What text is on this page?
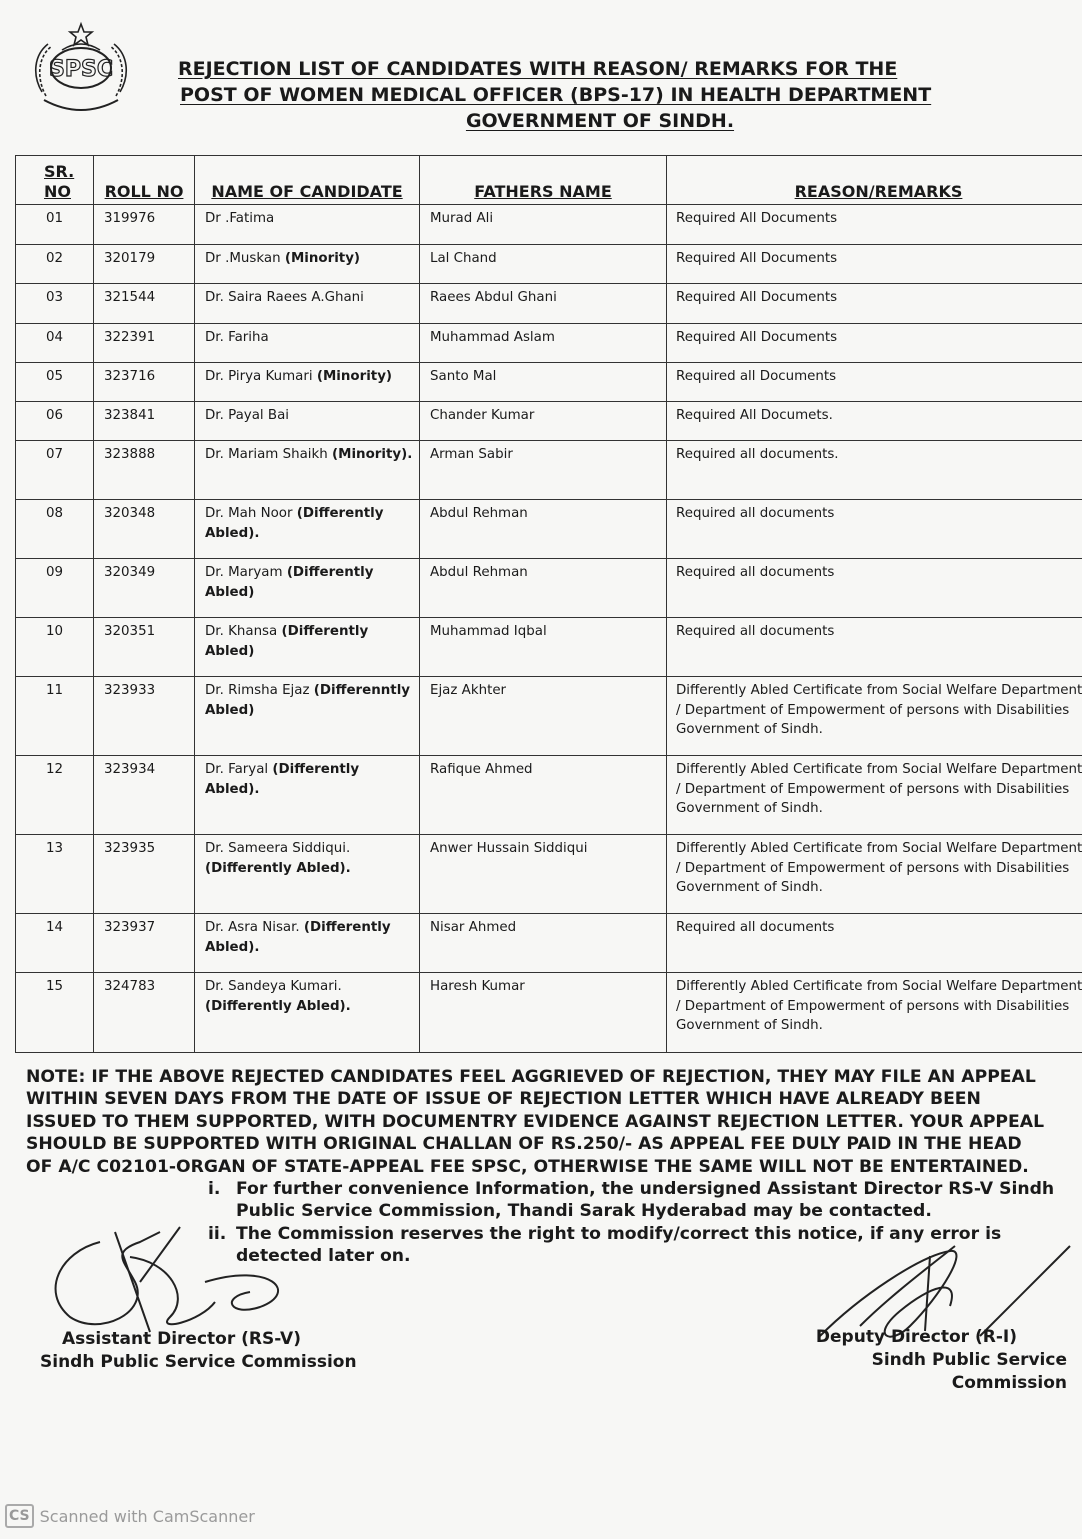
SPSC	REJECTION LIST OF CANDIDATES WITH REASON/ REMARKS FOR THE
POST OF WOMEN MEDICAL OFFICER (BPS-17) IN HEALTH DEPARTMENT
GOVERNMENT OF SINDH.
SR. NO	ROLL NO	NAME OF CANDIDATE	FATHERS NAME	REASON/REMARKS
01	319976	Dr .Fatima	Murad Ali	Required All Documents
02	320179	Dr .Muskan (Minority)	Lal Chand	Required All Documents
03	321544	Dr. Saira Raees A.Ghani	Raees Abdul Ghani	Required All Documents
04	322391	Dr. Fariha	Muhammad Aslam	Required All Documents
05	323716	Dr. Pirya Kumari (Minority)	Santo Mal	Required all Documents
06	323841	Dr. Payal Bai	Chander Kumar	Required All Documets.
07	323888	Dr. Mariam Shaikh (Minority).	Arman Sabir	Required all documents.
08	320348	Dr. Mah Noor (Differently Abled).	Abdul Rehman	Required all documents
09	320349	Dr. Maryam (Differently Abled)	Abdul Rehman	Required all documents
10	320351	Dr. Khansa (Differently Abled)	Muhammad Iqbal	Required all documents
11	323933	Dr. Rimsha Ejaz (Differenntly Abled)	Ejaz Akhter	Differently Abled Certificate from Social Welfare Department / Department of Empowerment of persons with Disabilities Government of Sindh.
12	323934	Dr. Faryal (Differently Abled).	Rafique Ahmed	Differently Abled Certificate from Social Welfare Department / Department of Empowerment of persons with Disabilities Government of Sindh.
13	323935	Dr. Sameera Siddiqui. (Differently Abled).	Anwer Hussain Siddiqui	Differently Abled Certificate from Social Welfare Department / Department of Empowerment of persons with Disabilities Government of Sindh.
14	323937	Dr. Asra Nisar. (Differently Abled).	Nisar Ahmed	Required all documents
15	324783	Dr. Sandeya Kumari. (Differently Abled).	Haresh Kumar	Differently Abled Certificate from Social Welfare Department / Department of Empowerment of persons with Disabilities Government of Sindh.

NOTE: IF THE ABOVE REJECTED CANDIDATES FEEL AGGRIEVED OF REJECTION, THEY MAY FILE AN APPEAL WITHIN SEVEN DAYS FROM THE DATE OF ISSUE OF REJECTION LETTER WHICH HAVE ALREADY BEEN ISSUED TO THEM SUPPORTED, WITH DOCUMENTRY EVIDENCE AGAINST REJECTION LETTER. YOUR APPEAL SHOULD BE SUPPORTED WITH ORIGINAL CHALLAN OF RS.250/- AS APPEAL FEE DULY PAID IN THE HEAD OF A/C C02101-ORGAN OF STATE-APPEAL FEE SPSC, OTHERWISE THE SAME WILL NOT BE ENTERTAINED.

i. For further convenience Information, the undersigned Assistant Director RS-V Sindh Public Service Commission, Thandi Sarak Hyderabad may be contacted.
ii. The Commission reserves the right to modify/correct this notice, if any error is detected later on.
Assistant Director (RS-V)
Sindh Public Service Commission
Deputy Director (R-I)
Sindh Public Service Commission
CS Scanned with CamScanner
